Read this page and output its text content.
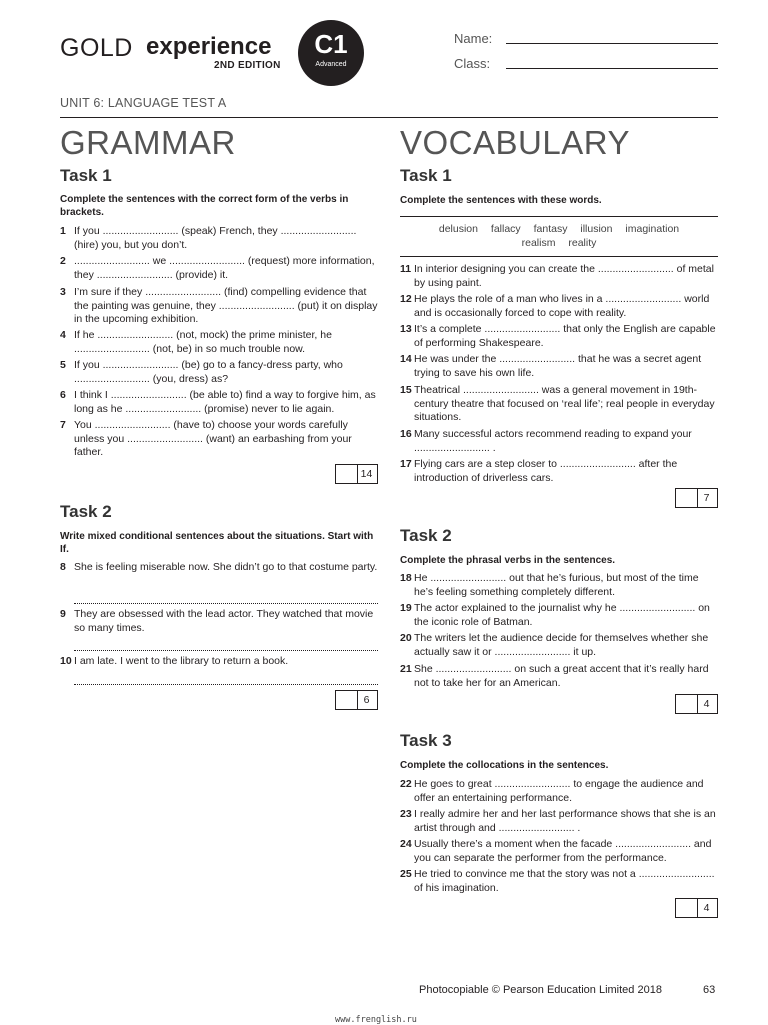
GOLD experience
2ND EDITION
C1
Advanced
Name:
Class:
UNIT 6: LANGUAGE TEST A
GRAMMAR
Task 1
Complete the sentences with the correct form of the verbs in brackets.
1 If you .......................... (speak) French, they .......................... (hire) you, but you don’t.
2 .......................... we .......................... (request) more information, they .......................... (provide) it.
3 I’m sure if they .......................... (find) compelling evidence that the painting was genuine, they .......................... (put) it on display in the upcoming exhibition.
4 If he .......................... (not, mock) the prime minister, he .......................... (not, be) in so much trouble now.
5 If you .......................... (be) go to a fancy-dress party, who .......................... (you, dress) as?
6 I think I .......................... (be able to) find a way to forgive him, as long as he .......................... (promise) never to lie again.
7 You .......................... (have to) choose your words carefully unless you .......................... (want) an earbashing from your father.
14
Task 2
Write mixed conditional sentences about the situations. Start with If.
8 She is feeling miserable now. She didn’t go to that costume party.
9 They are obsessed with the lead actor. They watched that movie so many times.
10 I am late. I went to the library to return a book.
6
VOCABULARY
Task 1
Complete the sentences with these words.
delusion fallacy fantasy illusion imagination
realism reality
11 In interior designing you can create the .......................... of metal by using paint.
12 He plays the role of a man who lives in a .......................... world and is occasionally forced to cope with reality.
13 It’s a complete .......................... that only the English are capable of performing Shakespeare.
14 He was under the .......................... that he was a secret agent trying to save his own life.
15 Theatrical .......................... was a general movement in 19th-century theatre that focused on ‘real life’; real people in everyday situations.
16 Many successful actors recommend reading to expand your .......................... .
17 Flying cars are a step closer to .......................... after the introduction of driverless cars.
7
Task 2
Complete the phrasal verbs in the sentences.
18 He .......................... out that he’s furious, but most of the time he’s feeling something completely different.
19 The actor explained to the journalist why he .......................... on the iconic role of Batman.
20 The writers let the audience decide for themselves whether she actually saw it or .......................... it up.
21 She .......................... on such a great accent that it’s really hard not to take her for an American.
4
Task 3
Complete the collocations in the sentences.
22 He goes to great .......................... to engage the audience and offer an entertaining performance.
23 I really admire her and her last performance shows that she is an artist through and .......................... .
24 Usually there’s a moment when the facade .......................... and you can separate the performer from the performance.
25 He tried to convince me that the story was not a .......................... of his imagination.
4
Photocopiable © Pearson Education Limited 2018	63
www.frenglish.ru
